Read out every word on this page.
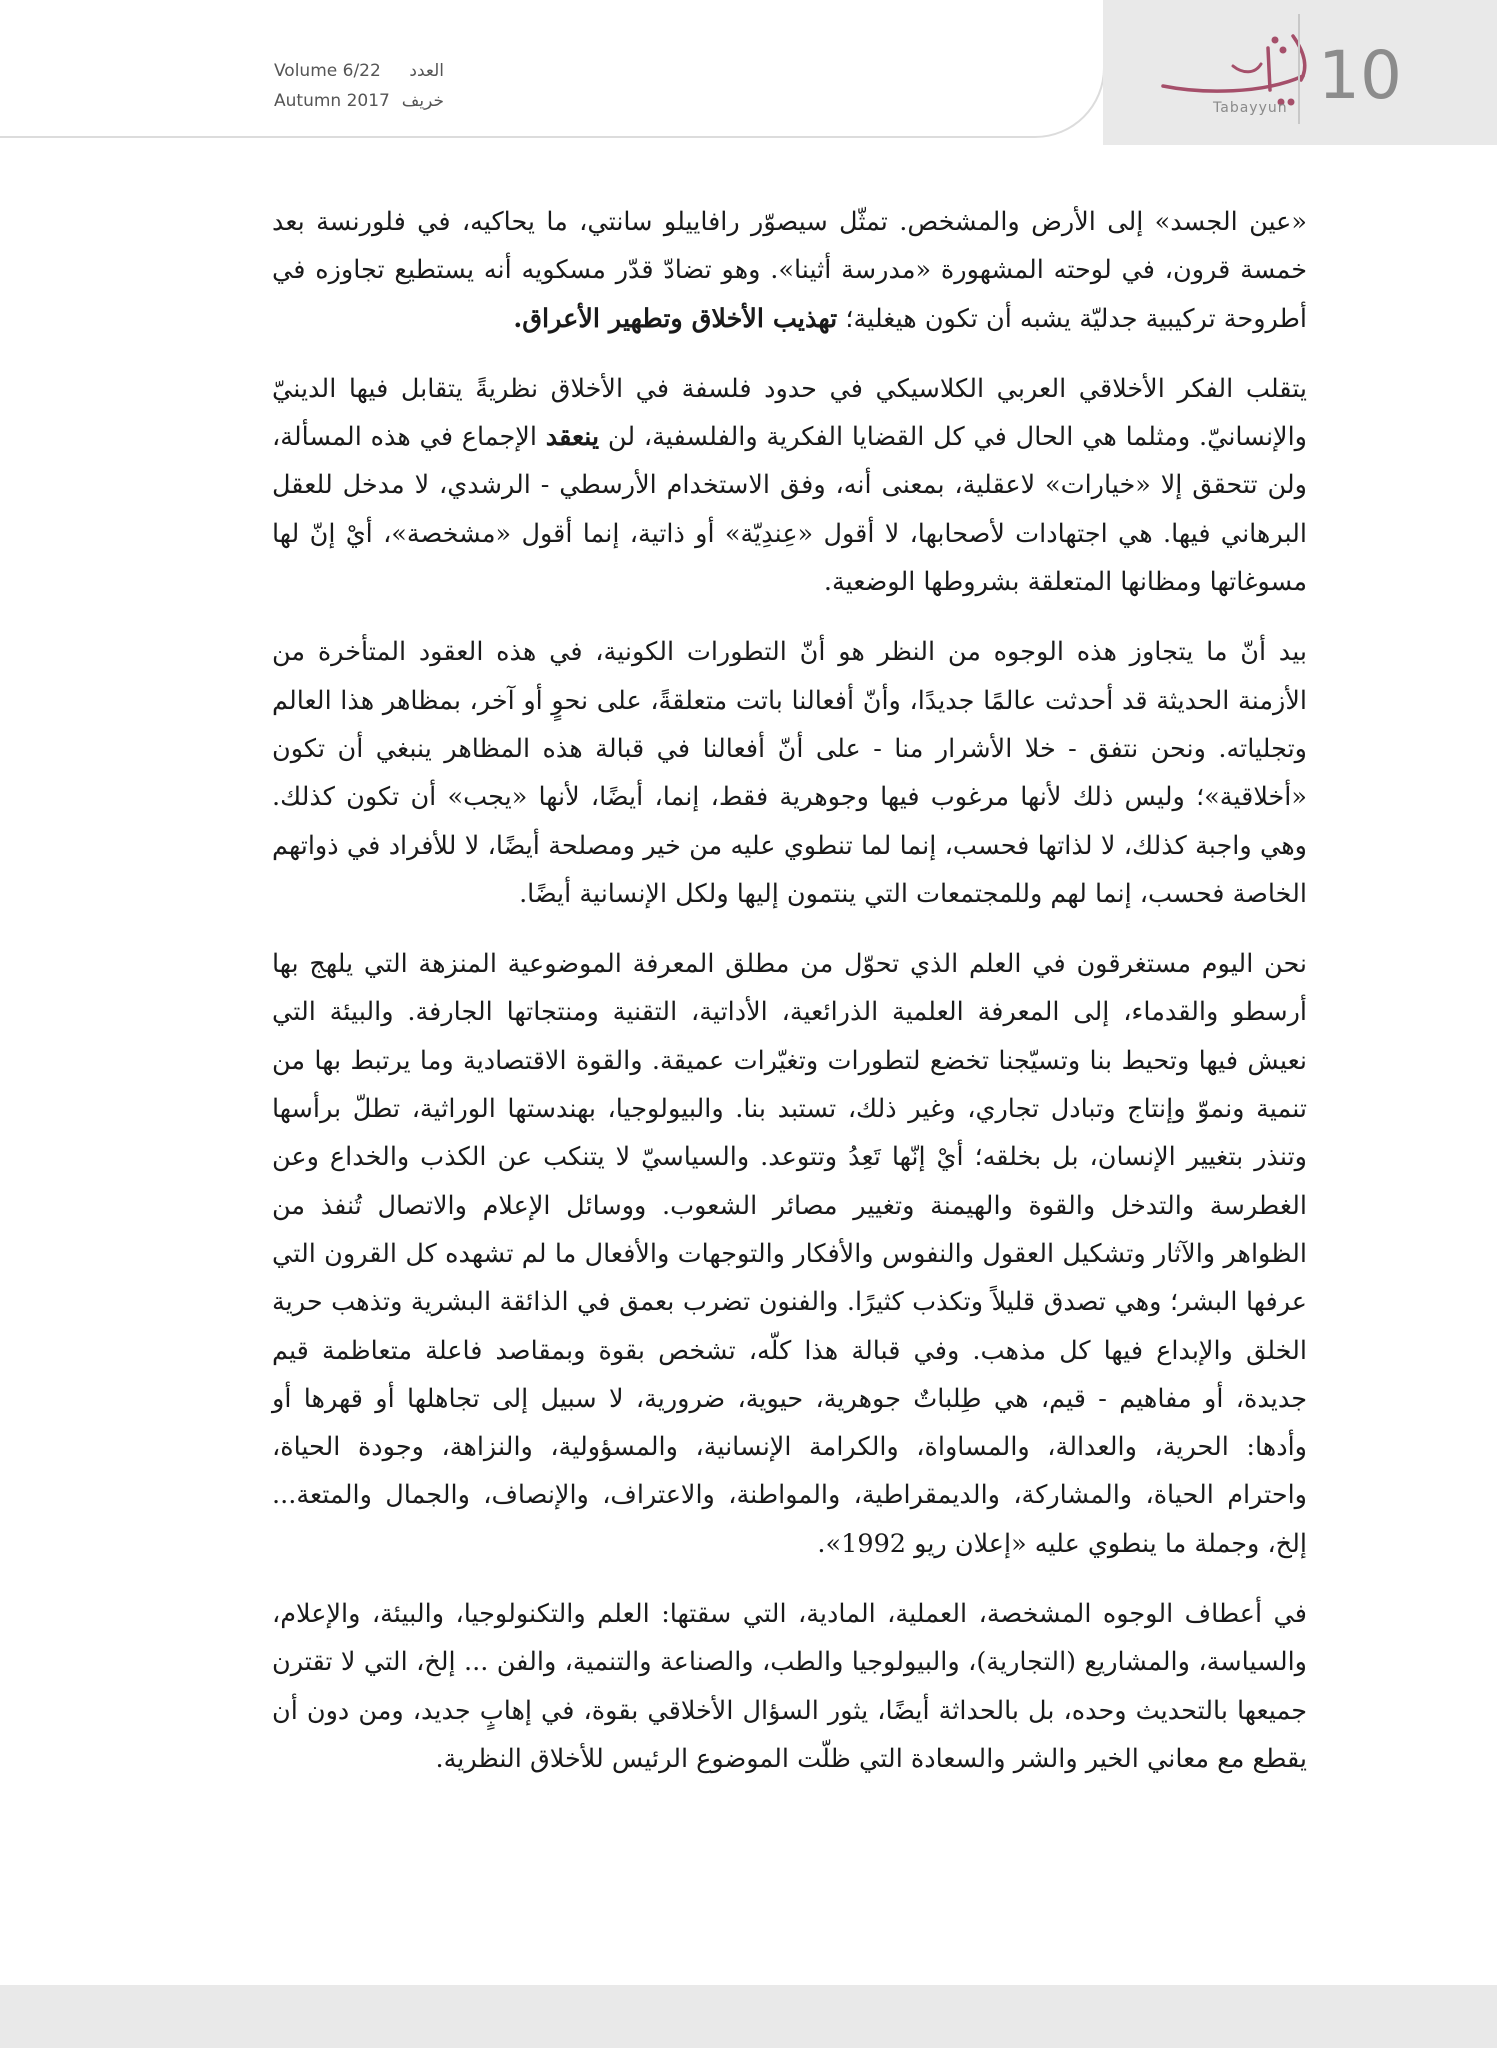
Volume 6/22 العدد
Autumn 2017 خريف	Tabayyun 10

«عين الجسد» إلى الأرض والمشخص. تمثّل سيصوّر رافاييلو سانتي، ما يحاكيه، في فلورنسة بعد خمسة قرون، في لوحته المشهورة «مدرسة أثينا». وهو تضادّ قدّر مسكويه أنه يستطيع تجاوزه في أطروحة تركيبية جدليّة يشبه أن تكون هيغلية؛ تهذيب الأخلاق وتطهير الأعراق.

يتقلب الفكر الأخلاقي العربي الكلاسيكي في حدود فلسفة في الأخلاق نظريةً يتقابل فيها الدينيّ والإنسانيّ. ومثلما هي الحال في كل القضايا الفكرية والفلسفية، لن ينعقد الإجماع في هذه المسألة، ولن تتحقق إلا «خيارات» لاعقلية، بمعنى أنه، وفق الاستخدام الأرسطي - الرشدي، لا مدخل للعقل البرهاني فيها. هي اجتهادات لأصحابها، لا أقول «عِندِيّة» أو ذاتية، إنما أقول «مشخصة»، أيْ إنّ لها مسوغاتها ومظانها المتعلقة بشروطها الوضعية.

بيد أنّ ما يتجاوز هذه الوجوه من النظر هو أنّ التطورات الكونية، في هذه العقود المتأخرة من الأزمنة الحديثة قد أحدثت عالمًا جديدًا، وأنّ أفعالنا باتت متعلقةً، على نحوٍ أو آخر، بمظاهر هذا العالم وتجلياته. ونحن نتفق - خلا الأشرار منا - على أنّ أفعالنا في قبالة هذه المظاهر ينبغي أن تكون «أخلاقية»؛ وليس ذلك لأنها مرغوب فيها وجوهرية فقط، إنما، أيضًا، لأنها «يجب» أن تكون كذلك. وهي واجبة كذلك، لا لذاتها فحسب، إنما لما تنطوي عليه من خير ومصلحة أيضًا، لا للأفراد في ذواتهم الخاصة فحسب، إنما لهم وللمجتمعات التي ينتمون إليها ولكل الإنسانية أيضًا.

نحن اليوم مستغرقون في العلم الذي تحوّل من مطلق المعرفة الموضوعية المنزهة التي يلهج بها أرسطو والقدماء، إلى المعرفة العلمية الذرائعية، الأداتية، التقنية ومنتجاتها الجارفة. والبيئة التي نعيش فيها وتحيط بنا وتسيّجنا تخضع لتطورات وتغيّرات عميقة. والقوة الاقتصادية وما يرتبط بها من تنمية ونموّ وإنتاج وتبادل تجاري، وغير ذلك، تستبد بنا. والبيولوجيا، بهندستها الوراثية، تطلّ برأسها وتنذر بتغيير الإنسان، بل بخلقه؛ أيْ إنّها تَعِدُ وتتوعد. والسياسيّ لا يتنكب عن الكذب والخداع وعن الغطرسة والتدخل والقوة والهيمنة وتغيير مصائر الشعوب. ووسائل الإعلام والاتصال تُنفذ من الظواهر والآثار وتشكيل العقول والنفوس والأفكار والتوجهات والأفعال ما لم تشهده كل القرون التي عرفها البشر؛ وهي تصدق قليلاً وتكذب كثيرًا. والفنون تضرب بعمق في الذائقة البشرية وتذهب حرية الخلق والإبداع فيها كل مذهب. وفي قبالة هذا كلّه، تشخص بقوة وبمقاصد فاعلة متعاظمة قيم جديدة، أو مفاهيم - قيم، هي طِلباتٌ جوهرية، حيوية، ضرورية، لا سبيل إلى تجاهلها أو قهرها أو وأدها: الحرية، والعدالة، والمساواة، والكرامة الإنسانية، والمسؤولية، والنزاهة، وجودة الحياة، واحترام الحياة، والمشاركة، والديمقراطية، والمواطنة، والاعتراف، والإنصاف، والجمال والمتعة... إلخ، وجملة ما ينطوي عليه «إعلان ريو 1992».

في أعطاف الوجوه المشخصة، العملية، المادية، التي سقتها: العلم والتكنولوجيا، والبيئة، والإعلام، والسياسة، والمشاريع (التجارية)، والبيولوجيا والطب، والصناعة والتنمية، والفن ... إلخ، التي لا تقترن جميعها بالتحديث وحده، بل بالحداثة أيضًا، يثور السؤال الأخلاقي بقوة، في إهابٍ جديد، ومن دون أن يقطع مع معاني الخير والشر والسعادة التي ظلّت الموضوع الرئيس للأخلاق النظرية.
